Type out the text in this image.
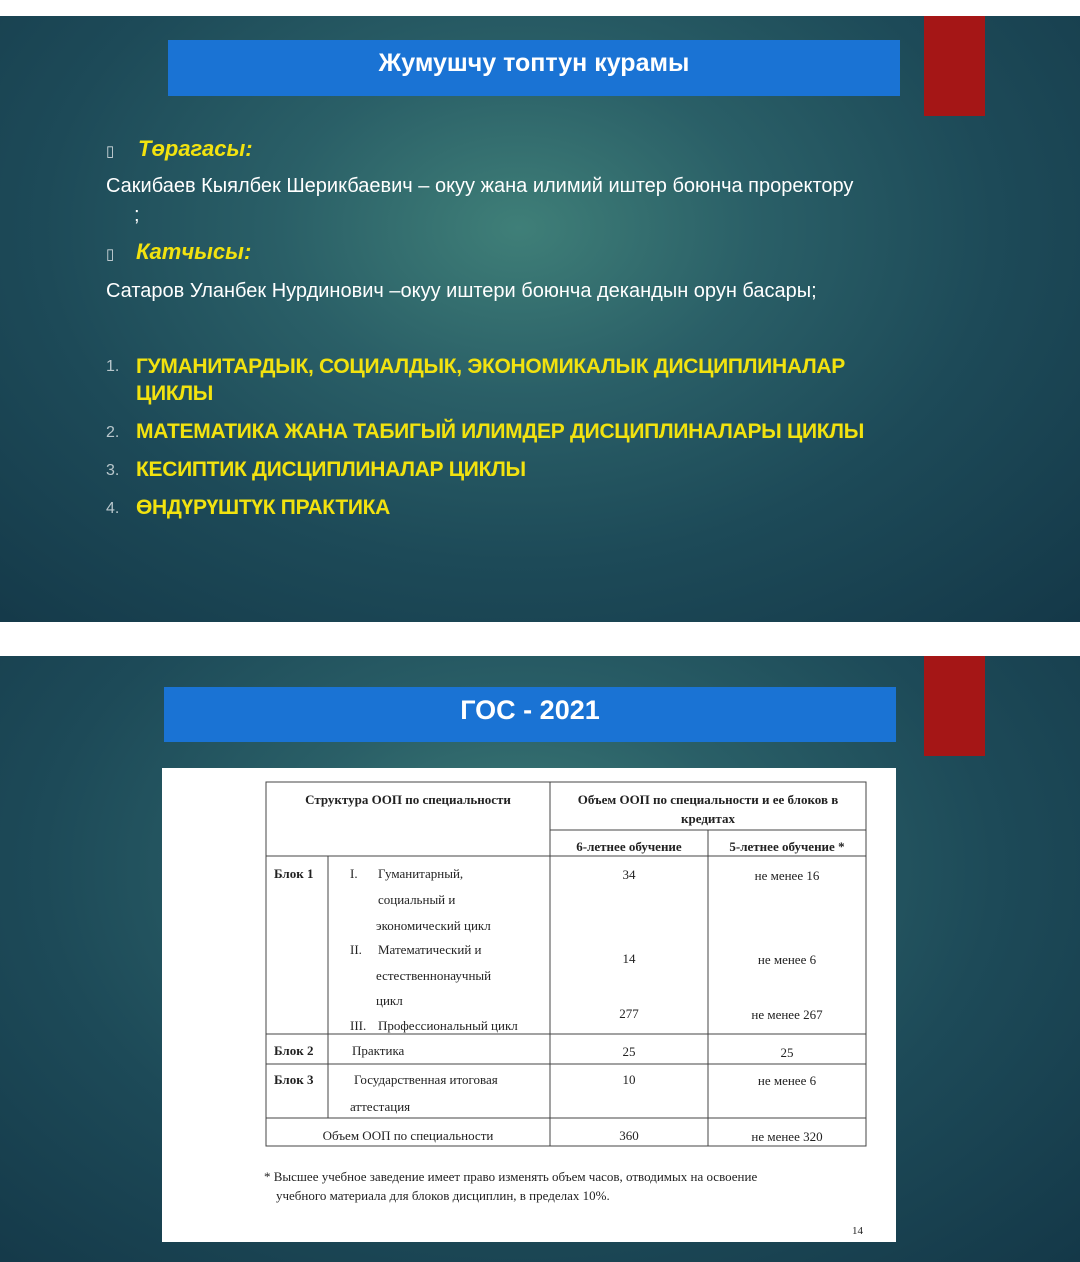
Жумушчу топтун курамы
▯ Төрагасы:
Сакибаев Кыялбек Шерикбаевич – окуу жана илимий иштер боюнча проректору
;
▯ Катчысы:
Сатаров Уланбек Нурдинович –окуу иштери боюнча декандын орун басары;
1. ГУМАНИТАРДЫК, СОЦИАЛДЫК, ЭКОНОМИКАЛЫК ДИСЦИПЛИНАЛАР
ЦИКЛЫ
2. МАТЕМАТИКА ЖАНА ТАБИГЫЙ ИЛИМДЕР ДИСЦИПЛИНАЛАРЫ ЦИКЛЫ
3. КЕСИПТИК ДИСЦИПЛИНАЛАР ЦИКЛЫ
4. ӨНДҮРҮШТҮК ПРАКТИКА
ГОС - 2021
Структура ООП по специальности	Объем ООП по специальности и ее блоков в
кредитах
6-летнее обучение	5-летнее обучение *
Блок 1	I. Гуманитарный,
социальный и
экономический цикл
34	не менее 16
II. Математический и
естественнонаучный
цикл
14	не менее 6
III. Профессиональный цикл
277	не менее 267
Блок 2	Практика	25	25
Блок 3	Государственная итоговая
аттестация
10	не менее 6
Объем ООП по специальности	360	не менее 320
* Высшее учебное заведение имеет право изменять объем часов, отводимых на освоение
учебного материала для блоков дисциплин, в пределах 10%.
14
